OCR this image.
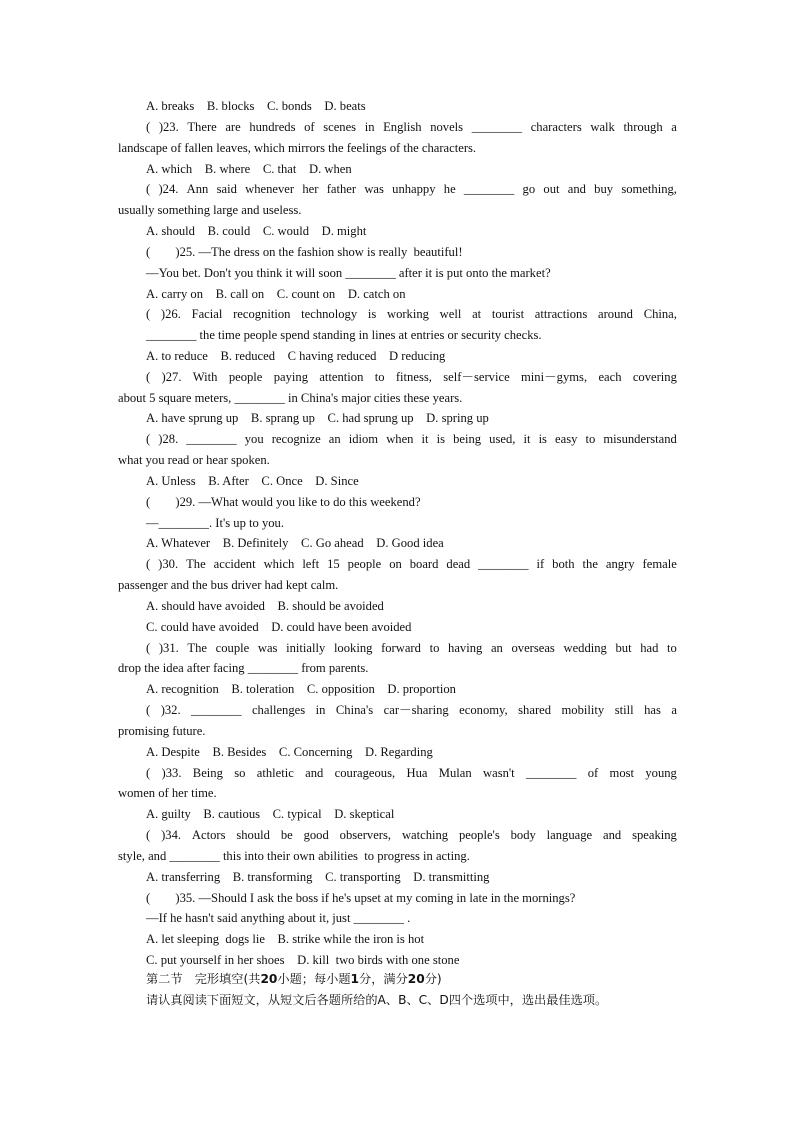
A. breaks    B. blocks    C. bonds    D. beats
( )23. There are hundreds of scenes in English novels ________ characters walk through a
landscape of fallen leaves, which mirrors the feelings of the characters.
A. which    B. where    C. that    D. when
( )24. Ann said whenever her father was unhappy he ________ go out and buy something,
usually something large and useless.
A. should    B. could    C. would    D. might
(        )25. —The dress on the fashion show is really  beautiful!
—You bet. Don't you think it will soon ________ after it is put onto the market?
A. carry on    B. call on    C. count on    D. catch on
( )26. Facial recognition technology is working well at tourist attractions around China,
________ the time people spend standing in lines at entries or security checks.
A. to reduce    B. reduced    C having reduced    D reducing
( )27. With people paying attention to fitness, self－service mini－gyms, each covering
about 5 square meters, ________ in China's major cities these years.
A. have sprung up    B. sprang up    C. had sprung up    D. spring up
( )28. ________ you recognize an idiom when it is being used, it is easy to misunderstand
what you read or hear spoken.
A. Unless    B. After    C. Once    D. Since
(        )29. —What would you like to do this weekend?
—________. It's up to you.
A. Whatever    B. Definitely    C. Go ahead    D. Good idea
( )30. The accident which left 15 people on board dead ________ if both the angry female
passenger and the bus driver had kept calm.
A. should have avoided    B. should be avoided
C. could have avoided    D. could have been avoided
( )31. The couple was initially looking forward to having an overseas wedding but had to
drop the idea after facing ________ from parents.
A. recognition    B. toleration    C. opposition    D. proportion
( )32. ________ challenges in China's car－sharing economy, shared mobility still has a
promising future.
A. Despite    B. Besides    C. Concerning    D. Regarding
( )33. Being so athletic and courageous, Hua Mulan wasn't ________ of most young
women of her time.
A. guilty    B. cautious    C. typical    D. skeptical
( )34. Actors should be good observers, watching people's body language and speaking
style, and ________ this into their own abilities  to progress in acting.
A. transferring    B. transforming    C. transporting    D. transmitting
(        )35. —Should I ask the boss if he's upset at my coming in late in the mornings?
—If he hasn't said anything about it, just ________ .
A. let sleeping  dogs lie    B. strike while the iron is hot
C. put yourself in her shoes    D. kill  two birds with one stone
第二节　完形填空(共20小题；每小题1分，满分20分)
请认真阅读下面短文，从短文后各题所给的A、B、C、D四个选项中，选出最佳选项。
